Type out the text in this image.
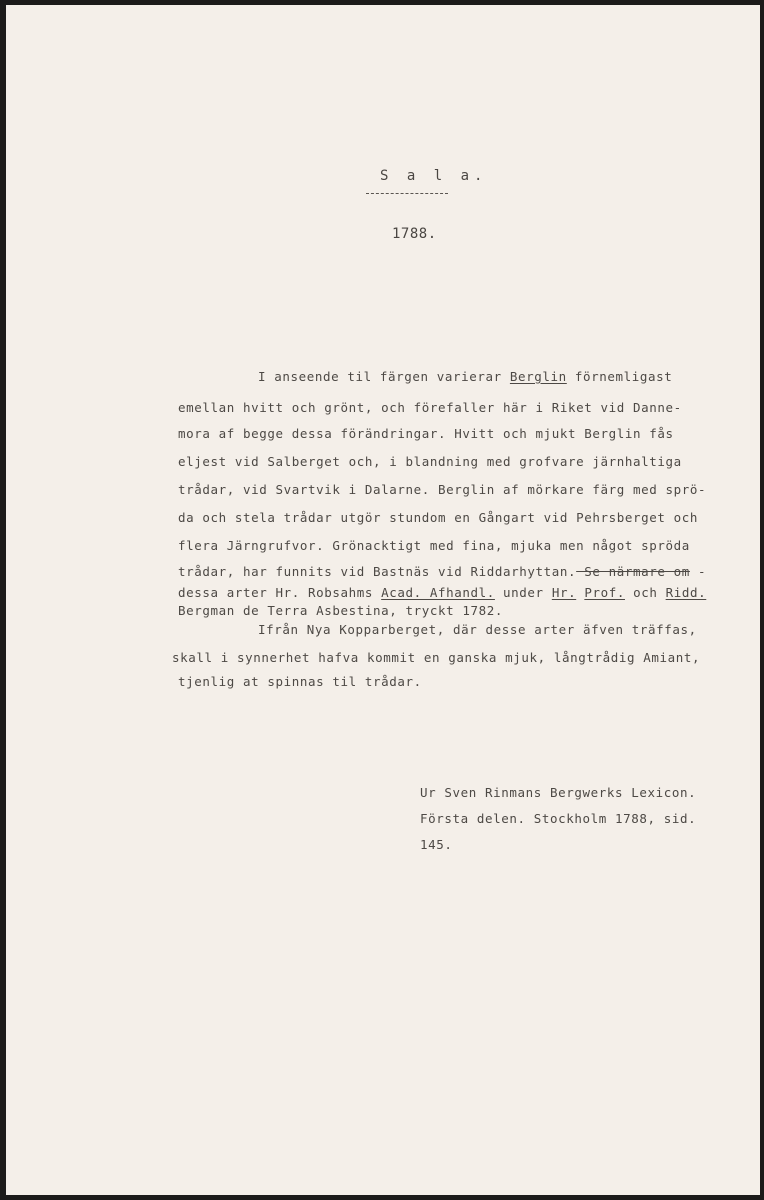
S a l a.
1788.
I anseende til färgen varierar Berglin förnemligast
emellan hvitt och grönt, och förefaller här i Riket vid Danne-
mora af begge dessa förändringar. Hvitt och mjukt Berglin fås
eljest vid Salberget och, i blandning med grofvare järnhaltiga
trådar, vid Svartvik i Dalarne. Berglin af mörkare färg med sprö-
da och stela trådar utgör stundom en Gångart vid Pehrsberget och
flera Järngrufvor. Grönacktigt med fina, mjuka men något spröda
trådar, har funnits vid Bastnäs vid Riddarhyttan. Se närmare om -
dessa arter Hr. Robsahms Acad. Afhandl. under Hr. Prof. och Ridd.
Bergman de Terra Asbestina, tryckt 1782.
Ifrån Nya Kopparberget, där desse arter äfven träffas,
skall i synnerhet hafva kommit en ganska mjuk, långtrådig Amiant,
tjenlig at spinnas til trådar.
Ur Sven Rinmans Bergwerks Lexicon.
Första delen. Stockholm 1788, sid.
145.
